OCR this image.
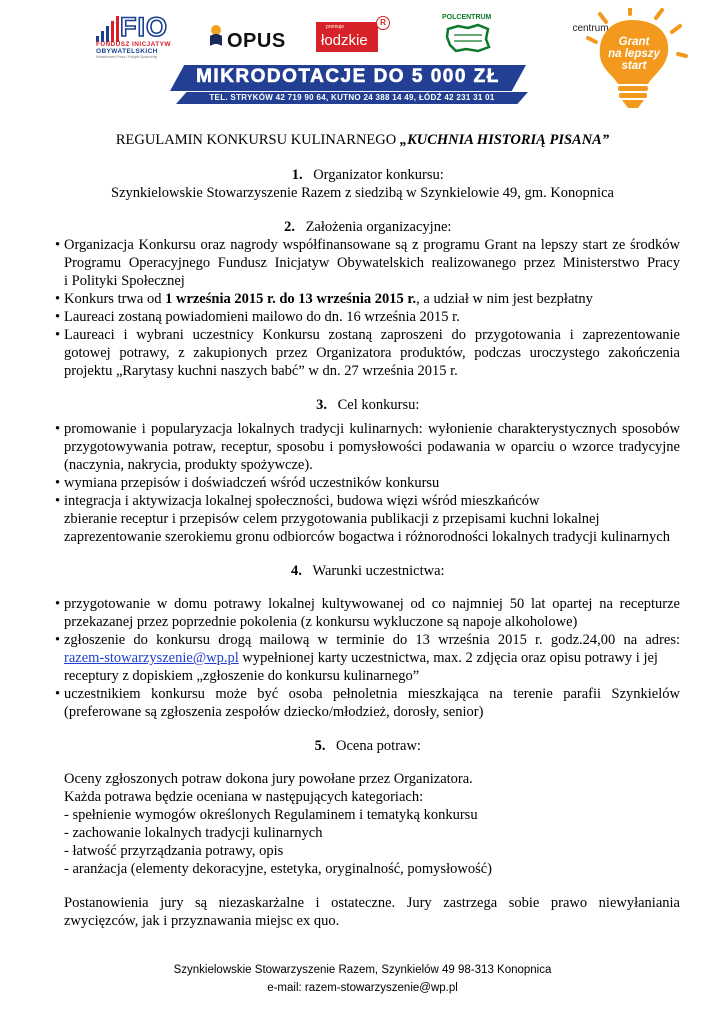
FIO
FUNDUSZ INICJATYW
OBYWATELSKICH
Ministerstwo Pracy i Polityki Społecznej
centrum
OPUS
promuje
łodzkie
R
POLCENTRUM
MIKRODOTACJE DO 5 000 ZŁ
TEL. STRYKÓW 42 719 90 64, KUTNO 24 388 14 49, ŁÓDŹ 42 231 31 01
Grant
na lepszy
start
REGULAMIN KONKURSU KULINARNEGO „KUCHNIA HISTORIĄ PISANA”
1. Organizator konkursu:
Szynkielowskie Stowarzyszenie Razem z siedzibą w Szynkielowie 49, gm. Konopnica
2. Założenia organizacyjne:
• Organizacja Konkursu oraz nagrody współfinansowane są z programu Grant na lepszy start ze środków
Programu Operacyjnego Fundusz Inicjatyw Obywatelskich realizowanego przez Ministerstwo Pracy
i Polityki Społecznej
• Konkurs trwa od 1 września 2015 r. do 13 września 2015 r., a udział w nim jest bezpłatny
• Laureaci zostaną powiadomieni mailowo do dn. 16 września 2015 r.
• Laureaci i wybrani uczestnicy Konkursu zostaną zaproszeni do przygotowania i zaprezentowanie
gotowej potrawy, z zakupionych przez Organizatora produktów, podczas uroczystego zakończenia
projektu „Rarytasy kuchni naszych babć” w dn. 27 września 2015 r.
3. Cel konkursu:
• promowanie i popularyzacja lokalnych tradycji kulinarnych: wyłonienie charakterystycznych sposobów
przygotowywania potraw, receptur, sposobu i pomysłowości podawania w oparciu o wzorce tradycyjne
(naczynia, nakrycia, produkty spożywcze).
• wymiana przepisów i doświadczeń wśród uczestników konkursu
• integracja i aktywizacja lokalnej społeczności, budowa więzi wśród mieszkańców
zbieranie receptur i przepisów celem przygotowania publikacji z przepisami kuchni lokalnej
zaprezentowanie szerokiemu gronu odbiorców bogactwa i różnorodności lokalnych tradycji kulinarnych
4. Warunki uczestnictwa:
• przygotowanie w domu potrawy lokalnej kultywowanej od co najmniej 50 lat opartej na recepturze
przekazanej przez poprzednie pokolenia (z konkursu wykluczone są napoje alkoholowe)
• zgłoszenie do konkursu drogą mailową w terminie do 13 września 2015 r. godz.24,00 na adres:
razem-stowarzyszenie@wp.pl wypełnionej karty uczestnictwa, max. 2 zdjęcia oraz opisu potrawy i jej
receptury z dopiskiem „zgłoszenie do konkursu kulinarnego”
• uczestnikiem konkursu może być osoba pełnoletnia mieszkająca na terenie parafii Szynkielów
(preferowane są zgłoszenia zespołów dziecko/młodzież, dorosły, senior)
5. Ocena potraw:
Oceny zgłoszonych potraw dokona jury powołane przez Organizatora.
Każda potrawa będzie oceniana w następujących kategoriach:
- spełnienie wymogów określonych Regulaminem i tematyką konkursu
- zachowanie lokalnych tradycji kulinarnych
- łatwość przyrządzania potrawy, opis
- aranżacja (elementy dekoracyjne, estetyka, oryginalność, pomysłowość)
Postanowienia jury są niezaskarżalne i ostateczne. Jury zastrzega sobie prawo niewyłaniania
zwycięzców, jak i przyznawania miejsc ex quo.
Szynkielowskie Stowarzyszenie Razem, Szynkielów 49 98-313 Konopnica
e-mail: razem-stowarzyszenie@wp.pl
